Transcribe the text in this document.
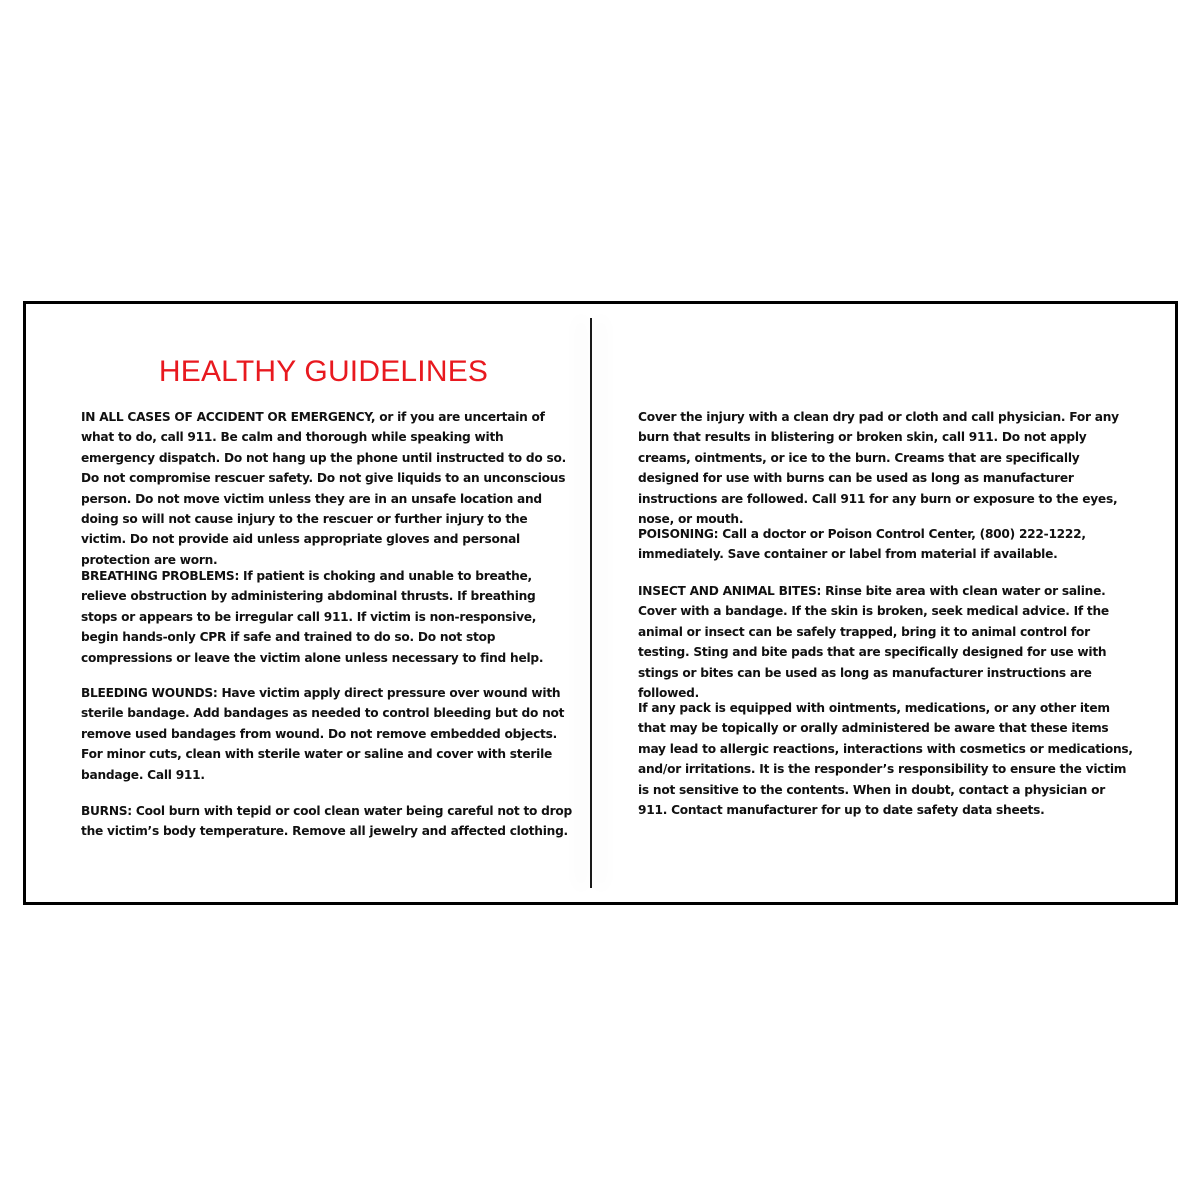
HEALTHY GUIDELINES

IN ALL CASES OF ACCIDENT OR EMERGENCY, or if you are uncertain of what to do, call 911. Be calm and thorough while speaking with emergency dispatch. Do not hang up the phone until instructed to do so. Do not compromise rescuer safety. Do not give liquids to an unconscious person. Do not move victim unless they are in an unsafe location and doing so will not cause injury to the rescuer or further injury to the victim. Do not provide aid unless appropriate gloves and personal protection are worn.

BREATHING PROBLEMS: If patient is choking and unable to breathe, relieve obstruction by administering abdominal thrusts. If breathing stops or appears to be irregular call 911. If victim is non-responsive, begin hands-only CPR if safe and trained to do so. Do not stop compressions or leave the victim alone unless necessary to find help.

BLEEDING WOUNDS: Have victim apply direct pressure over wound with sterile bandage. Add bandages as needed to control bleeding but do not remove used bandages from wound. Do not remove embedded objects. For minor cuts, clean with sterile water or saline and cover with sterile bandage. Call 911.

BURNS: Cool burn with tepid or cool clean water being careful not to drop the victim’s body temperature. Remove all jewelry and affected clothing.

Cover the injury with a clean dry pad or cloth and call physician. For any burn that results in blistering or broken skin, call 911. Do not apply creams, ointments, or ice to the burn. Creams that are specifically designed for use with burns can be used as long as manufacturer instructions are followed. Call 911 for any burn or exposure to the eyes, nose, or mouth.

POISONING: Call a doctor or Poison Control Center, (800) 222-1222, immediately. Save container or label from material if available.

INSECT AND ANIMAL BITES: Rinse bite area with clean water or saline. Cover with a bandage. If the skin is broken, seek medical advice. If the animal or insect can be safely trapped, bring it to animal control for testing. Sting and bite pads that are specifically designed for use with stings or bites can be used as long as manufacturer instructions are followed.

If any pack is equipped with ointments, medications, or any other item that may be topically or orally administered be aware that these items may lead to allergic reactions, interactions with cosmetics or medications, and/or irritations. It is the responder’s responsibility to ensure the victim is not sensitive to the contents. When in doubt, contact a physician or 911. Contact manufacturer for up to date safety data sheets.
